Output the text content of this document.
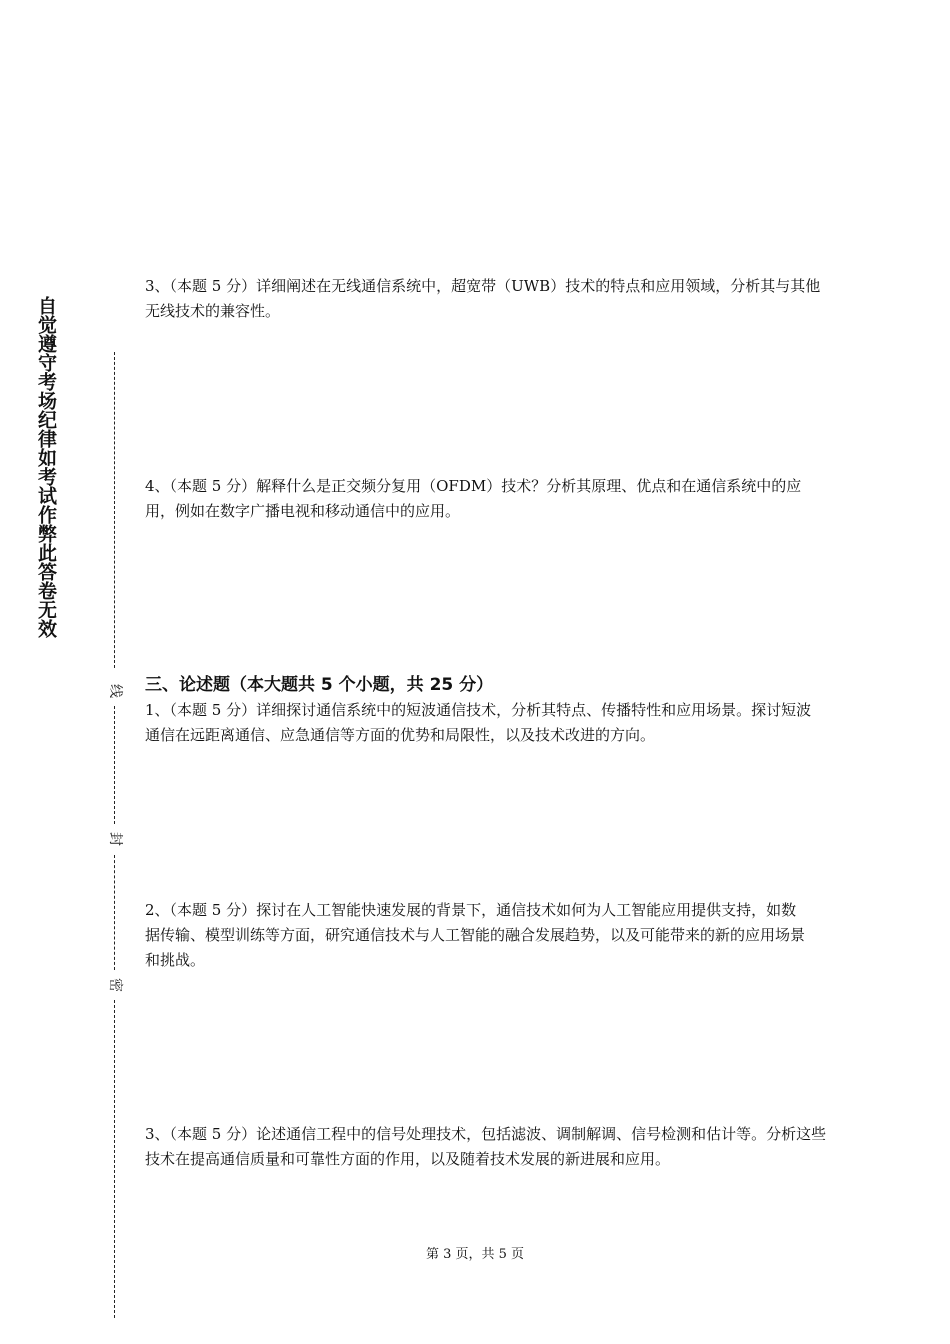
自觉遵守考场纪律如考试作弊此答卷无效
线
封
密

3、（本题 5 分）详细阐述在无线通信系统中，超宽带（UWB）技术的特点和应用领域，分析其与其他无线技术的兼容性。

4、（本题 5 分）解释什么是正交频分复用（OFDM）技术？分析其原理、优点和在通信系统中的应用，例如在数字广播电视和移动通信中的应用。

三、论述题（本大题共 5 个小题，共 25 分）

1、（本题 5 分）详细探讨通信系统中的短波通信技术，分析其特点、传播特性和应用场景。探讨短波通信在远距离通信、应急通信等方面的优势和局限性，以及技术改进的方向。

2、（本题 5 分）探讨在人工智能快速发展的背景下，通信技术如何为人工智能应用提供支持，如数据传输、模型训练等方面，研究通信技术与人工智能的融合发展趋势，以及可能带来的新的应用场景和挑战。

3、（本题 5 分）论述通信工程中的信号处理技术，包括滤波、调制解调、信号检测和估计等。分析这些技术在提高通信质量和可靠性方面的作用，以及随着技术发展的新进展和应用。

第 3 页，共 5 页
